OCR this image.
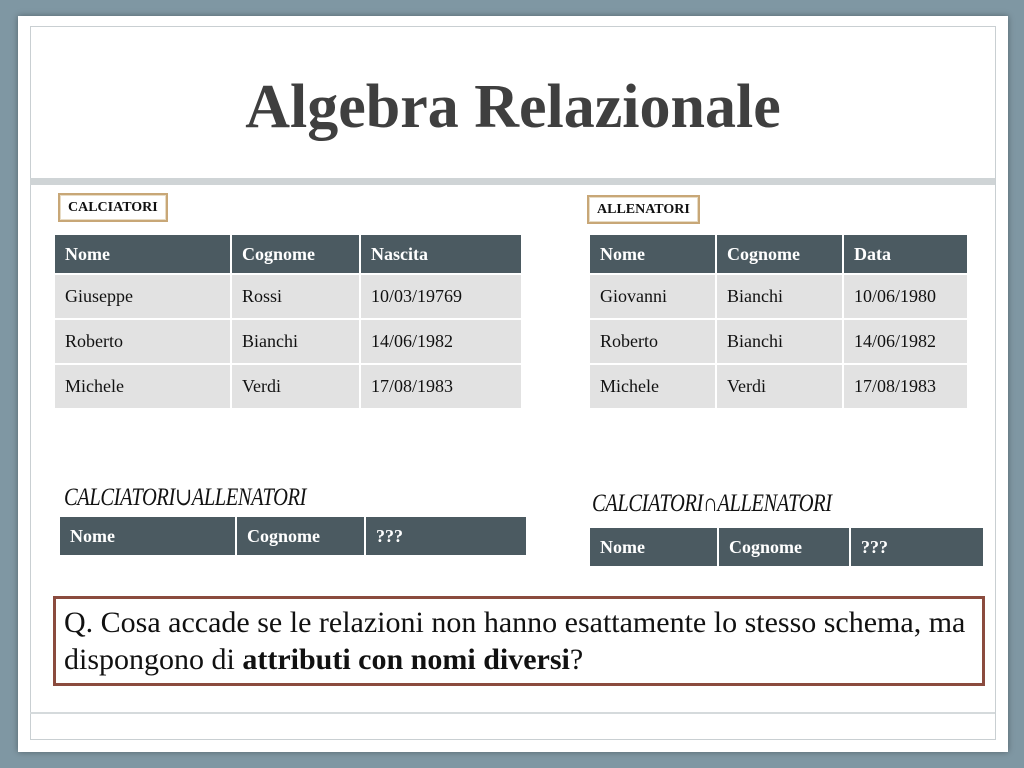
Algebra Relazionale
CALCIATORI
Nome	Cognome	Nascita
Giuseppe	Rossi	10/03/19769
Roberto	Bianchi	14/06/1982
Michele	Verdi	17/08/1983
ALLENATORI
Nome	Cognome	Data
Giovanni	Bianchi	10/06/1980
Roberto	Bianchi	14/06/1982
Michele	Verdi	17/08/1983
CALCIATORI∪ALLENATORI
Nome	Cognome	???
CALCIATORI∩ALLENATORI
Nome	Cognome	???
Q. Cosa accade se le relazioni non hanno esattamente lo stesso schema, ma dispongono di attributi con nomi diversi?
